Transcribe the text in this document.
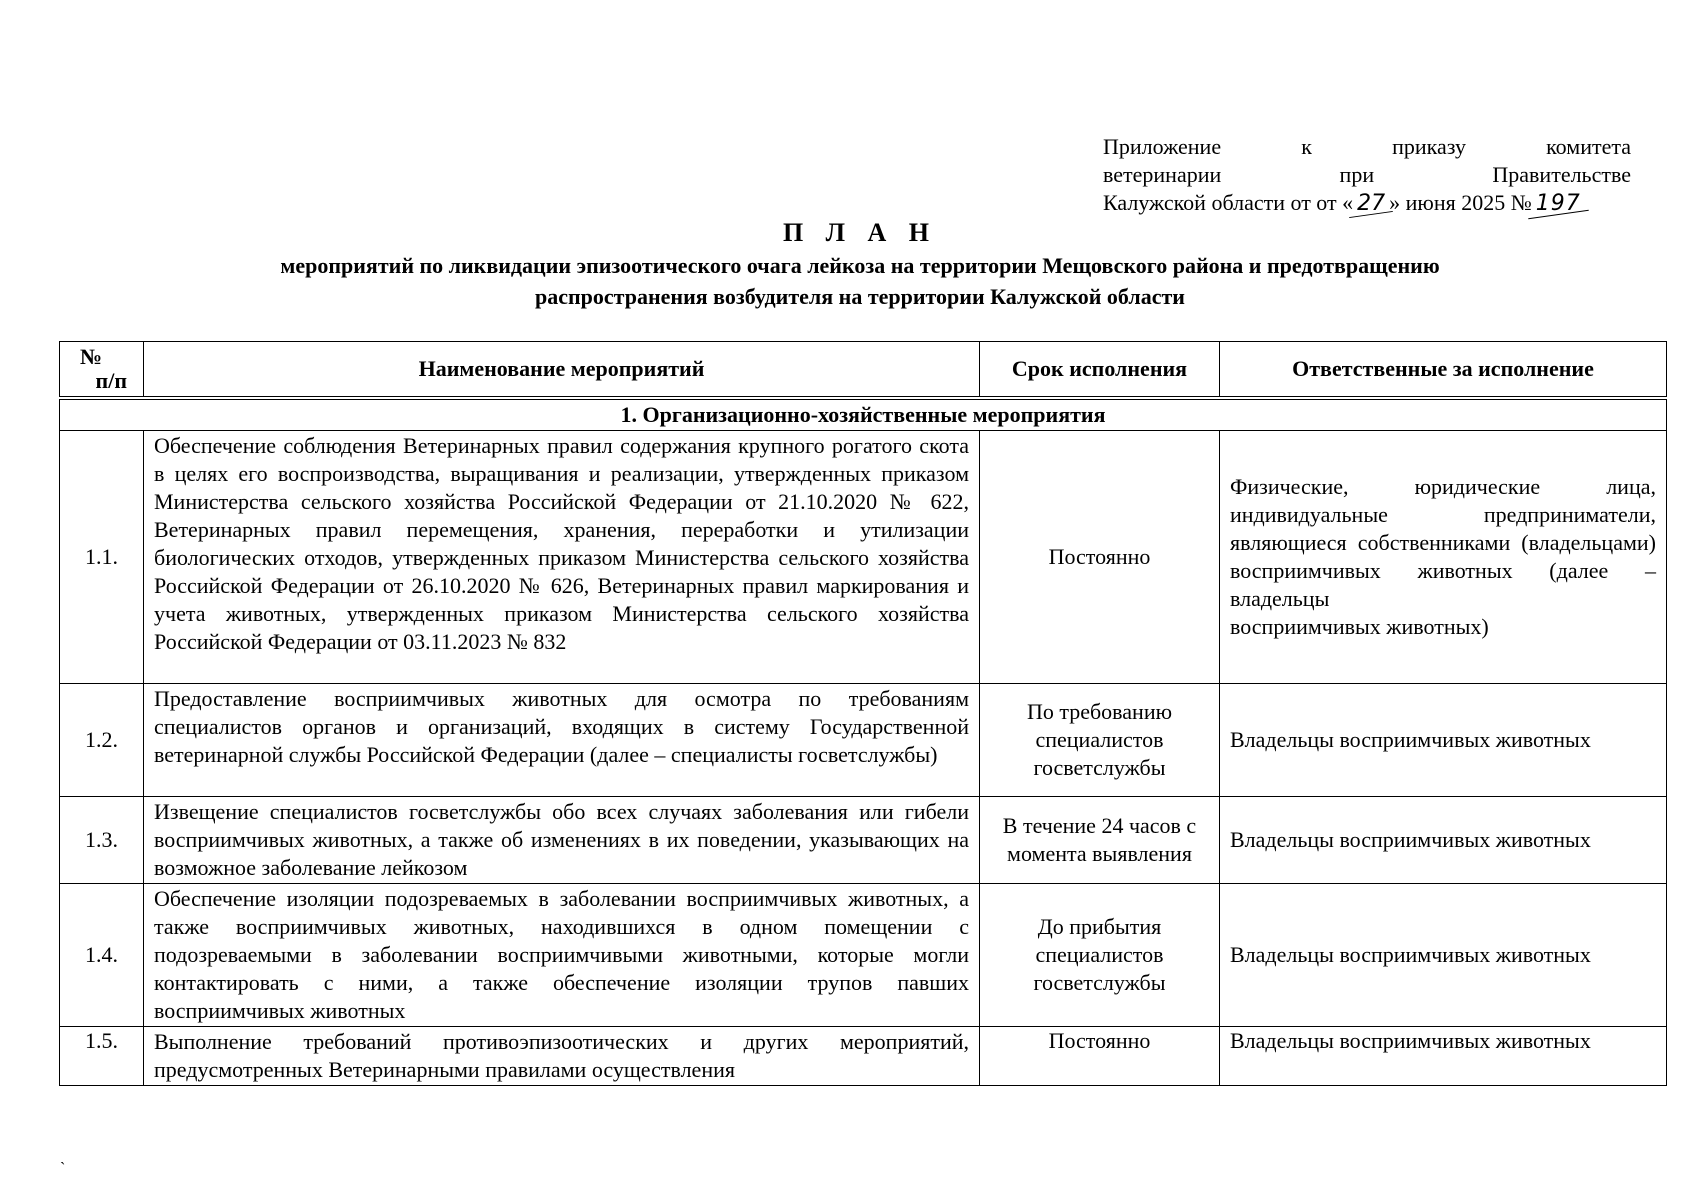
Приложение к приказу комитета
ветеринарии при Правительстве
Калужской области от от « 27 » июня 2025 № 197
П Л А Н
мероприятий по ликвидации эпизоотического очага лейкоза на территории Мещовского района и предотвращению
распространения возбудителя на территории Калужской области
№
п/п	Наименование мероприятий	Срок исполнения	Ответственные за исполнение
1. Организационно-хозяйственные мероприятия			
1.1.	Обеспечение соблюдения Ветеринарных правил содержания крупного рогатого скота в целях его воспроизводства, выращивания и реализации, утвержденных приказом Министерства сельского хозяйства Российской Федерации от 21.10.2020 № 622, Ветеринарных правил перемещения, хранения, переработки и утилизации биологических отходов, утвержденных приказом Министерства сельского хозяйства Российской Федерации от 26.10.2020 № 626, Ветеринарных правил маркирования и учета животных, утвержденных приказом Министерства сельского хозяйства Российской Федерации от 03.11.2023 № 832	Постоянно	Физические, юридические лица, индивидуальные предприниматели, являющиеся собственниками (владельцами) восприимчивых животных (далее – владельцы
восприимчивых животных)

1.2.	Предоставление восприимчивых животных для осмотра по требованиям специалистов органов и организаций, входящих в систему Государственной ветеринарной службы Российской Федерации (далее – специалисты госветслужбы)	По требованию специалистов госветслужбы	Владельцы восприимчивых животных
1.3.	Извещение специалистов госветслужбы обо всех случаях заболевания или гибели восприимчивых животных, а также об изменениях в их поведении, указывающих на возможное заболевание лейкозом	В течение 24 часов с момента выявления	Владельцы восприимчивых животных
1.4.	Обеспечение изоляции подозреваемых в заболевании восприимчивых животных, а также восприимчивых животных, находившихся в одном помещении с подозреваемыми в заболевании восприимчивыми животными, которые могли контактировать с ними, а также обеспечение изоляции трупов павших восприимчивых животных	До прибытия специалистов госветслужбы	Владельцы восприимчивых животных
1.5.	Выполнение требований противоэпизоотических и других мероприятий, предусмотренных Ветеринарными правилами осуществления	Постоянно	Владельцы восприимчивых животных
`
